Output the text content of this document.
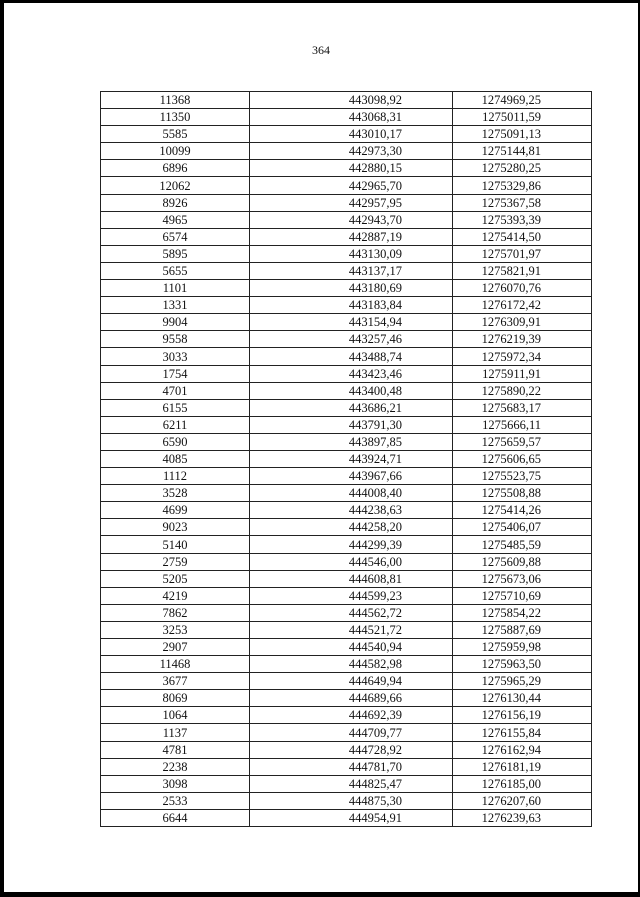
364
11368	443098,92	1274969,25
11350	443068,31	1275011,59
5585	443010,17	1275091,13
10099	442973,30	1275144,81
6896	442880,15	1275280,25
12062	442965,70	1275329,86
8926	442957,95	1275367,58
4965	442943,70	1275393,39
6574	442887,19	1275414,50
5895	443130,09	1275701,97
5655	443137,17	1275821,91
1101	443180,69	1276070,76
1331	443183,84	1276172,42
9904	443154,94	1276309,91
9558	443257,46	1276219,39
3033	443488,74	1275972,34
1754	443423,46	1275911,91
4701	443400,48	1275890,22
6155	443686,21	1275683,17
6211	443791,30	1275666,11
6590	443897,85	1275659,57
4085	443924,71	1275606,65
1112	443967,66	1275523,75
3528	444008,40	1275508,88
4699	444238,63	1275414,26
9023	444258,20	1275406,07
5140	444299,39	1275485,59
2759	444546,00	1275609,88
5205	444608,81	1275673,06
4219	444599,23	1275710,69
7862	444562,72	1275854,22
3253	444521,72	1275887,69
2907	444540,94	1275959,98
11468	444582,98	1275963,50
3677	444649,94	1275965,29
8069	444689,66	1276130,44
1064	444692,39	1276156,19
1137	444709,77	1276155,84
4781	444728,92	1276162,94
2238	444781,70	1276181,19
3098	444825,47	1276185,00
2533	444875,30	1276207,60
6644	444954,91	1276239,63
